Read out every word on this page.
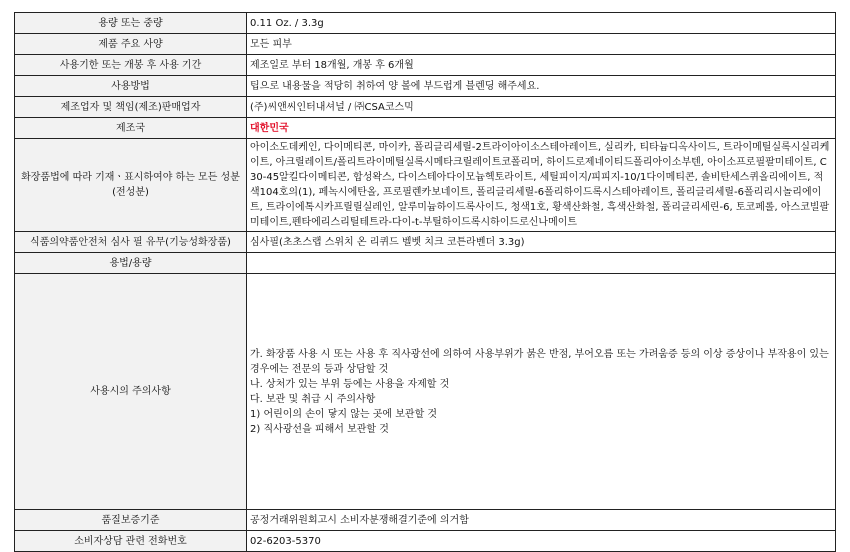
용량 또는 중량	0.11 Oz. / 3.3g
제품 주요 사양	모든 피부
사용기한 또는 개봉 후 사용 기간	제조일로 부터 18개월, 개봉 후 6개월
사용방법	팁으로 내용물을 적당히 취하여 양 볼에 부드럽게 블렌딩 해주세요.
제조업자 및 책임(제조)판매업자	(주)씨앤씨인터내셔널 / ㈜CSA코스믹
제조국	대한민국
화장품법에 따라 기재ㆍ표시하여야 하는 모든 성분(전성분)	아이소도데케인, 다이메티콘, 마이카, 폴리글리세릴-2트라이아이소스테아레이트, 실리카, 티타늄디옥사이드, 트라이메틸실록시실리케이트, 아크릴레이트/폴리트라이메틸실록시메타크릴레이트코폴리머, 하이드로제네이티드폴리아이소부텐, 아이소프로필팔미테이트, C30-45알킬다이메티콘, 합성왁스, 다이스테아다이모늄헥토라이트, 세틸피이지/피피지-10/1다이메티콘, 솔비탄세스퀴올리에이트, 적색104호의(1), 페녹시에탄올, 프로필렌카보네이트, 폴리글리세릴-6폴리하이드록시스테아레이트, 폴리글리세릴-6폴리리시놀리에이트, 트라이에톡시카프릴릴실레인, 알루미늄하이드록사이드, 청색1호, 황색산화철, 흑색산화철, 폴리글리세린-6, 토코페롤, 아스코빌팔미테이트,펜타에리스리틸테트라-다이-t-부틸하이드록시하이드로신나메이트
식품의약품안전처 심사 필 유무(기능성화장품)	심사필(초초스랩 스위치 온 리퀴드 벨벳 치크 코튼라벤더 3.3g)
용법/용량	
사용시의 주의사항	가. 화장품 사용 시 또는 사용 후 직사광선에 의하여 사용부위가 붉은 반점, 부어오름 또는 가려움증 등의 이상 증상이나 부작용이 있는 경우에는 전문의 등과 상담할 것
나. 상처가 있는 부위 등에는 사용을 자제할 것
다. 보관 및 취급 시 주의사항
1) 어린이의 손이 닿지 않는 곳에 보관할 것
2) 직사광선을 피해서 보관할 것

품질보증기준	공정거래위원회고시 소비자분쟁해결기준에 의거함
소비자상담 관련 전화번호	02-6203-5370
